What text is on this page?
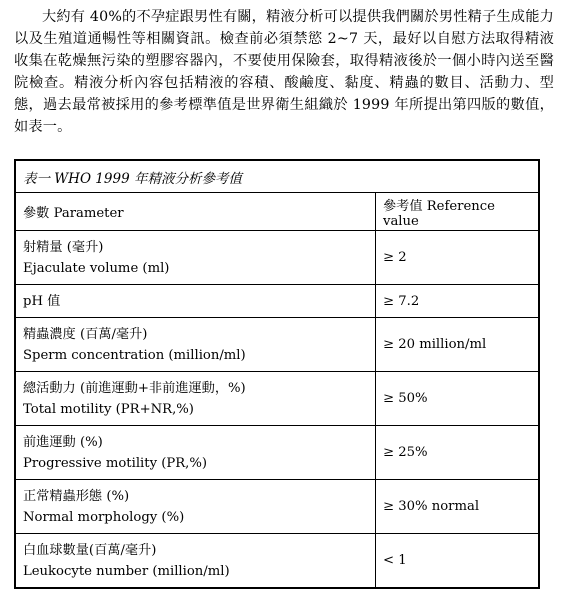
大約有 40%的不孕症跟男性有關，精液分析可以提供我們關於男性精子生成能力以及生殖道通暢性等相關資訊。檢查前必須禁慾 2~7 天，最好以自慰方法取得精液收集在乾燥無污染的塑膠容器內，不要使用保險套，取得精液後於一個小時內送至醫院檢查。精液分析內容包括精液的容積、酸鹼度、黏度、精蟲的數目、活動力、型態，過去最常被採用的參考標準值是世界衛生組織於 1999 年所提出第四版的數值，如表一。

表一 WHO 1999 年精液分析參考值	
參數 Parameter	參考值 Reference value

射精量 (毫升)
Ejaculate volume (ml)	≥ 2

pH 值	≥ 7.2

精蟲濃度 (百萬/毫升)
Sperm concentration (million/ml)	≥ 20 million/ml

總活動力 (前進運動+非前進運動，%)
Total motility (PR+NR,%)	≥ 50%

前進運動 (%)
Progressive motility (PR,%)	≥ 25%

正常精蟲形態 (%)
Normal morphology (%)	≥ 30% normal

白血球數量(百萬/毫升)
Leukocyte number (million/ml)	< 1
